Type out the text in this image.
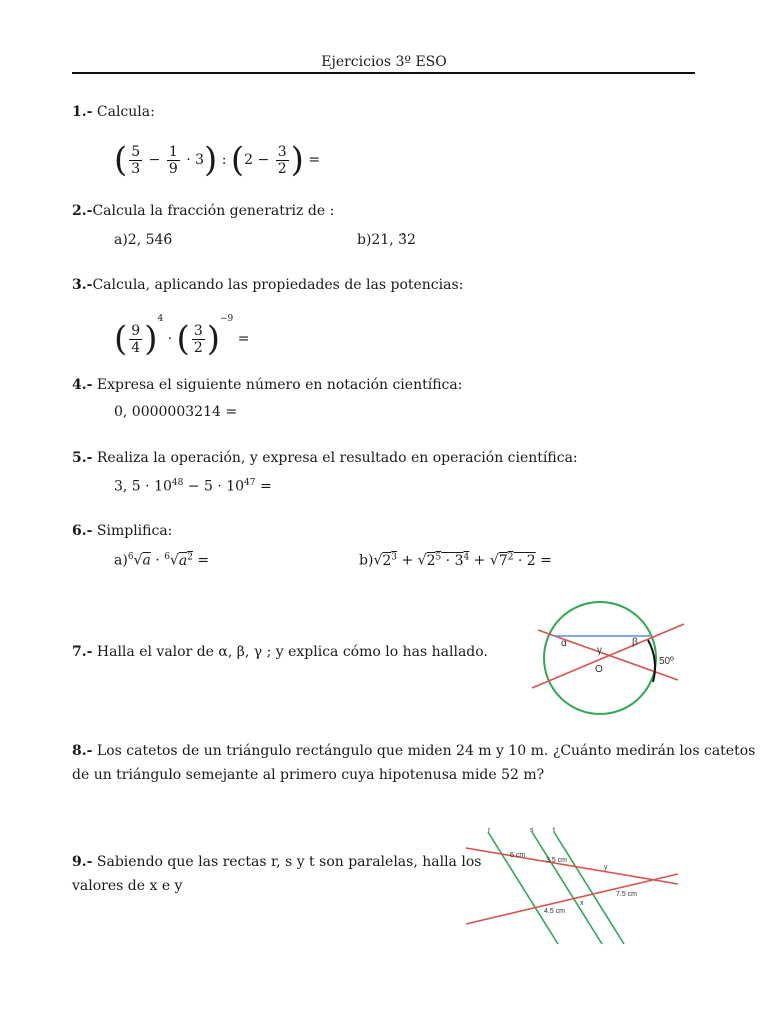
Ejercicios 3º ESO
1.- Calcula:
( $\frac{5}{3} - \frac{1}{9} \cdot 3$) : ($2 - \frac{3}{2}$ ) =
2.-Calcula la fracción generatriz de :
a)2, 546̂	b)21, 3̂2
3.-Calcula, aplicando las propiedades de las potencias:
( $\frac{9}{4} )^4$ · ( $\frac{3}{2} )^{-9}$ =
4.- Expresa el siguiente número en notación científica:
0, 0000003214 =
5.- Realiza la operación, y expresa el resultado en operación científica:
3, $5 \cdot 10^{48} - 5 \cdot 10^{47}$ =
6.- Simplifica:
$a)^6√a \cdot ^6√a^2$ =	$b)√2^3 + √2^5 \cdot 3^4 + √7^2 \cdot 2$ =
7.- Halla el valor de α, β, γ ; y explica cómo lo has hallado.
α	β
γ
O
50º
8.- Los catetos de un triángulo rectángulo que miden 24 m y 10 m. ¿Cuánto medirán los catetos
de un triángulo semejante al primero cuya hipotenusa mide 52 m?
9.- Sabiendo que las rectas r, s y t son paralelas, halla los
valores de x e y
r	s	t
6 cm
3.5 cm
y
7.5 cm
x
4.5 cm
